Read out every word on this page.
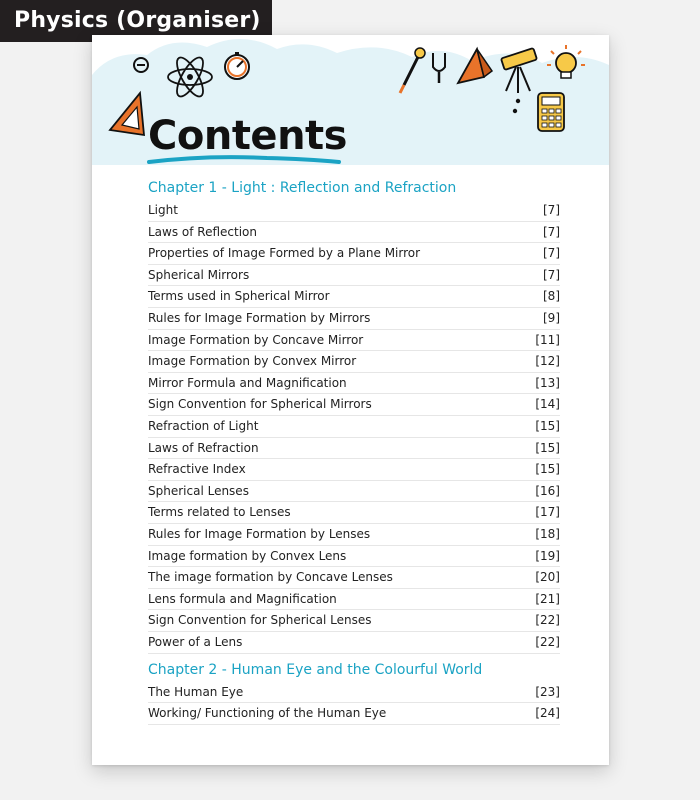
Physics (Organiser)
Contents
Chapter 1 - Light : Reflection and Refraction
Light	[7]
Laws of Reflection	[7]
Properties of Image Formed by a Plane Mirror	[7]
Spherical Mirrors	[7]
Terms used in Spherical Mirror	[8]
Rules for Image Formation by Mirrors	[9]
Image Formation by Concave Mirror	[11]
Image Formation by Convex Mirror	[12]
Mirror Formula and Magnification	[13]
Sign Convention for Spherical Mirrors	[14]
Refraction of Light	[15]
Laws of Refraction	[15]
Refractive Index	[15]
Spherical Lenses	[16]
Terms related to Lenses	[17]
Rules for Image Formation by Lenses	[18]
Image formation by Convex Lens	[19]
The image formation by Concave Lenses	[20]
Lens formula and Magnification	[21]
Sign Convention for Spherical Lenses	[22]
Power of a Lens	[22]
Chapter 2 - Human Eye and the Colourful World
The Human Eye	[23]
Working/ Functioning of the Human Eye	[24]
